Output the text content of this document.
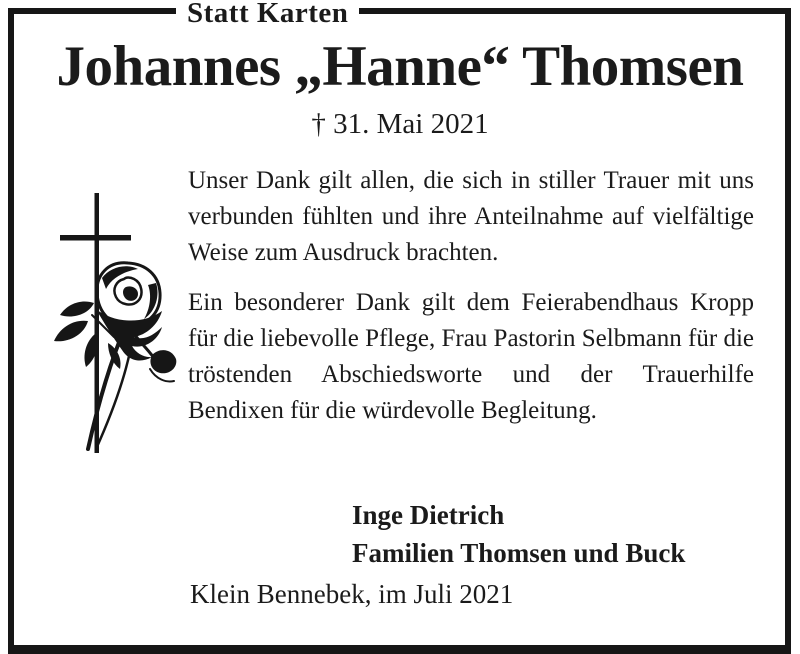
Statt Karten
Johannes „Hanne“ Thomsen
† 31. Mai 2021

Unser Dank gilt allen, die sich in stiller Trauer mit uns verbunden fühlten und ihre Anteilnahme auf vielfältige Weise zum Ausdruck brachten.

Ein besonderer Dank gilt dem Feierabendhaus Kropp für die liebevolle Pflege, Frau Pastorin Selbmann für die tröstenden Abschiedsworte und der Trauerhilfe Bendixen für die würdevolle Begleitung.

Inge Dietrich
Familien Thomsen und Buck
Klein Bennebek, im Juli 2021
